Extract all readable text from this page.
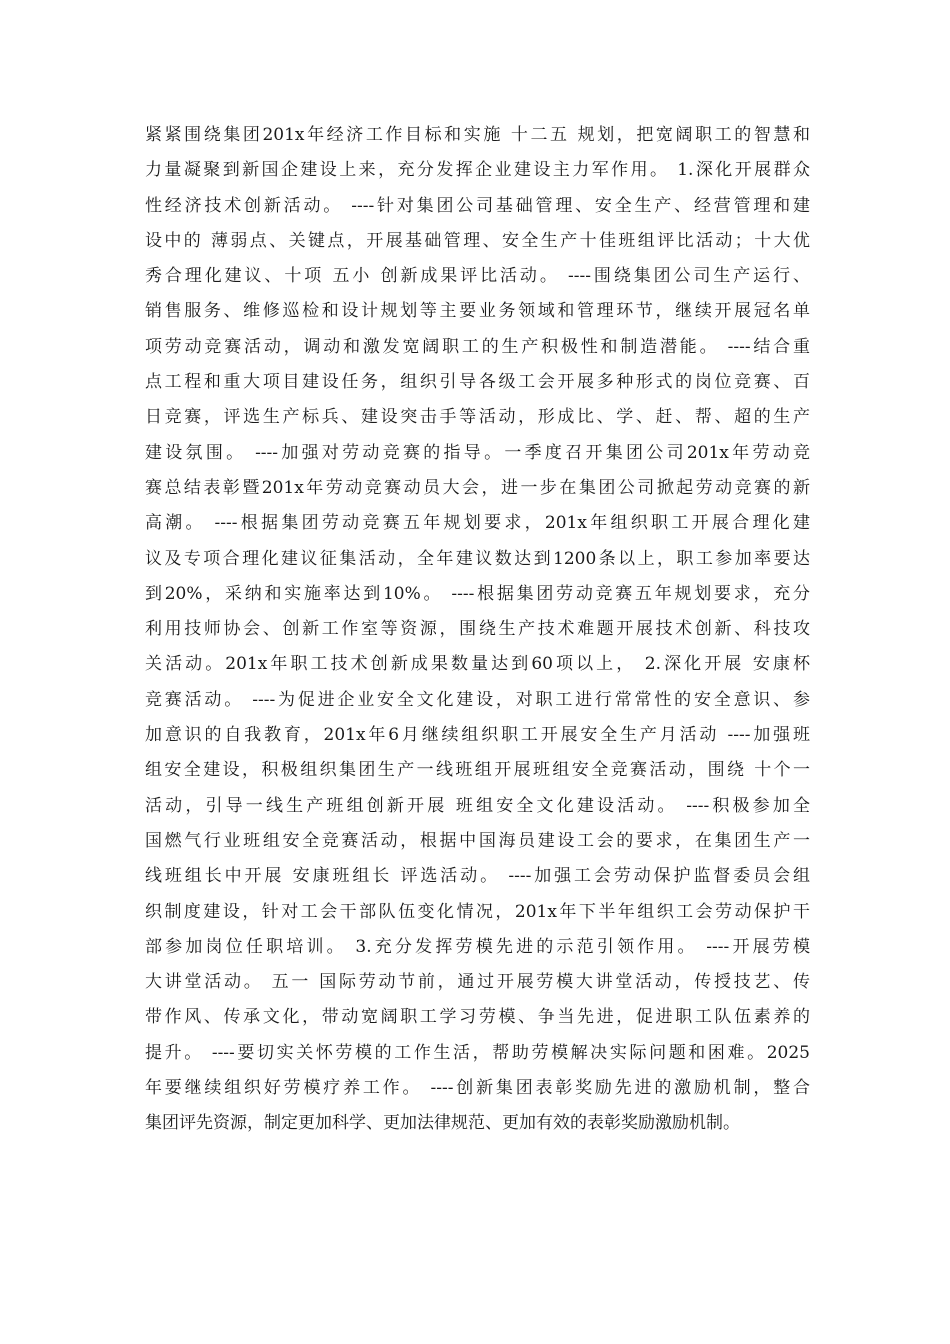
紧紧围绕集团201x年经济工作目标和实施 十二五 规划，把宽阔职工的智慧和
力量凝聚到新国企建设上来，充分发挥企业建设主力军作用。 1.深化开展群众
性经济技术创新活动。 ----针对集团公司基础管理、安全生产、经营管理和建
设中的 薄弱点、关键点，开展基础管理、安全生产十佳班组评比活动；十大优
秀合理化建议、十项 五小 创新成果评比活动。 ----围绕集团公司生产运行、
销售服务、维修巡检和设计规划等主要业务领域和管理环节，继续开展冠名单
项劳动竞赛活动，调动和激发宽阔职工的生产积极性和制造潜能。 ----结合重
点工程和重大项目建设任务，组织引导各级工会开展多种形式的岗位竞赛、百
日竞赛，评选生产标兵、建设突击手等活动，形成比、学、赶、帮、超的生产
建设氛围。 ----加强对劳动竞赛的指导。一季度召开集团公司201x年劳动竞
赛总结表彰暨201x年劳动竞赛动员大会，进一步在集团公司掀起劳动竞赛的新
高潮。 ----根据集团劳动竞赛五年规划要求，201x年组织职工开展合理化建
议及专项合理化建议征集活动，全年建议数达到1200条以上，职工参加率要达
到20%，采纳和实施率达到10%。 ----根据集团劳动竞赛五年规划要求，充分
利用技师协会、创新工作室等资源，围绕生产技术难题开展技术创新、科技攻
关活动。201x年职工技术创新成果数量达到60项以上， 2.深化开展 安康杯
竞赛活动。 ----为促进企业安全文化建设，对职工进行常常性的安全意识、参
加意识的自我教育，201x年6月继续组织职工开展安全生产月活动 ----加强班
组安全建设，积极组织集团生产一线班组开展班组安全竞赛活动，围绕 十个一
活动，引导一线生产班组创新开展 班组安全文化建设活动。 ----积极参加全
国燃气行业班组安全竞赛活动，根据中国海员建设工会的要求，在集团生产一
线班组长中开展 安康班组长 评选活动。 ----加强工会劳动保护监督委员会组
织制度建设，针对工会干部队伍变化情况，201x年下半年组织工会劳动保护干
部参加岗位任职培训。 3.充分发挥劳模先进的示范引领作用。 ----开展劳模
大讲堂活动。 五一 国际劳动节前，通过开展劳模大讲堂活动，传授技艺、传
带作风、传承文化，带动宽阔职工学习劳模、争当先进，促进职工队伍素养的
提升。 ----要切实关怀劳模的工作生活，帮助劳模解决实际问题和困难。2025
年要继续组织好劳模疗养工作。 ----创新集团表彰奖励先进的激励机制，整合
集团评先资源，制定更加科学、更加法律规范、更加有效的表彰奖励激励机制。
